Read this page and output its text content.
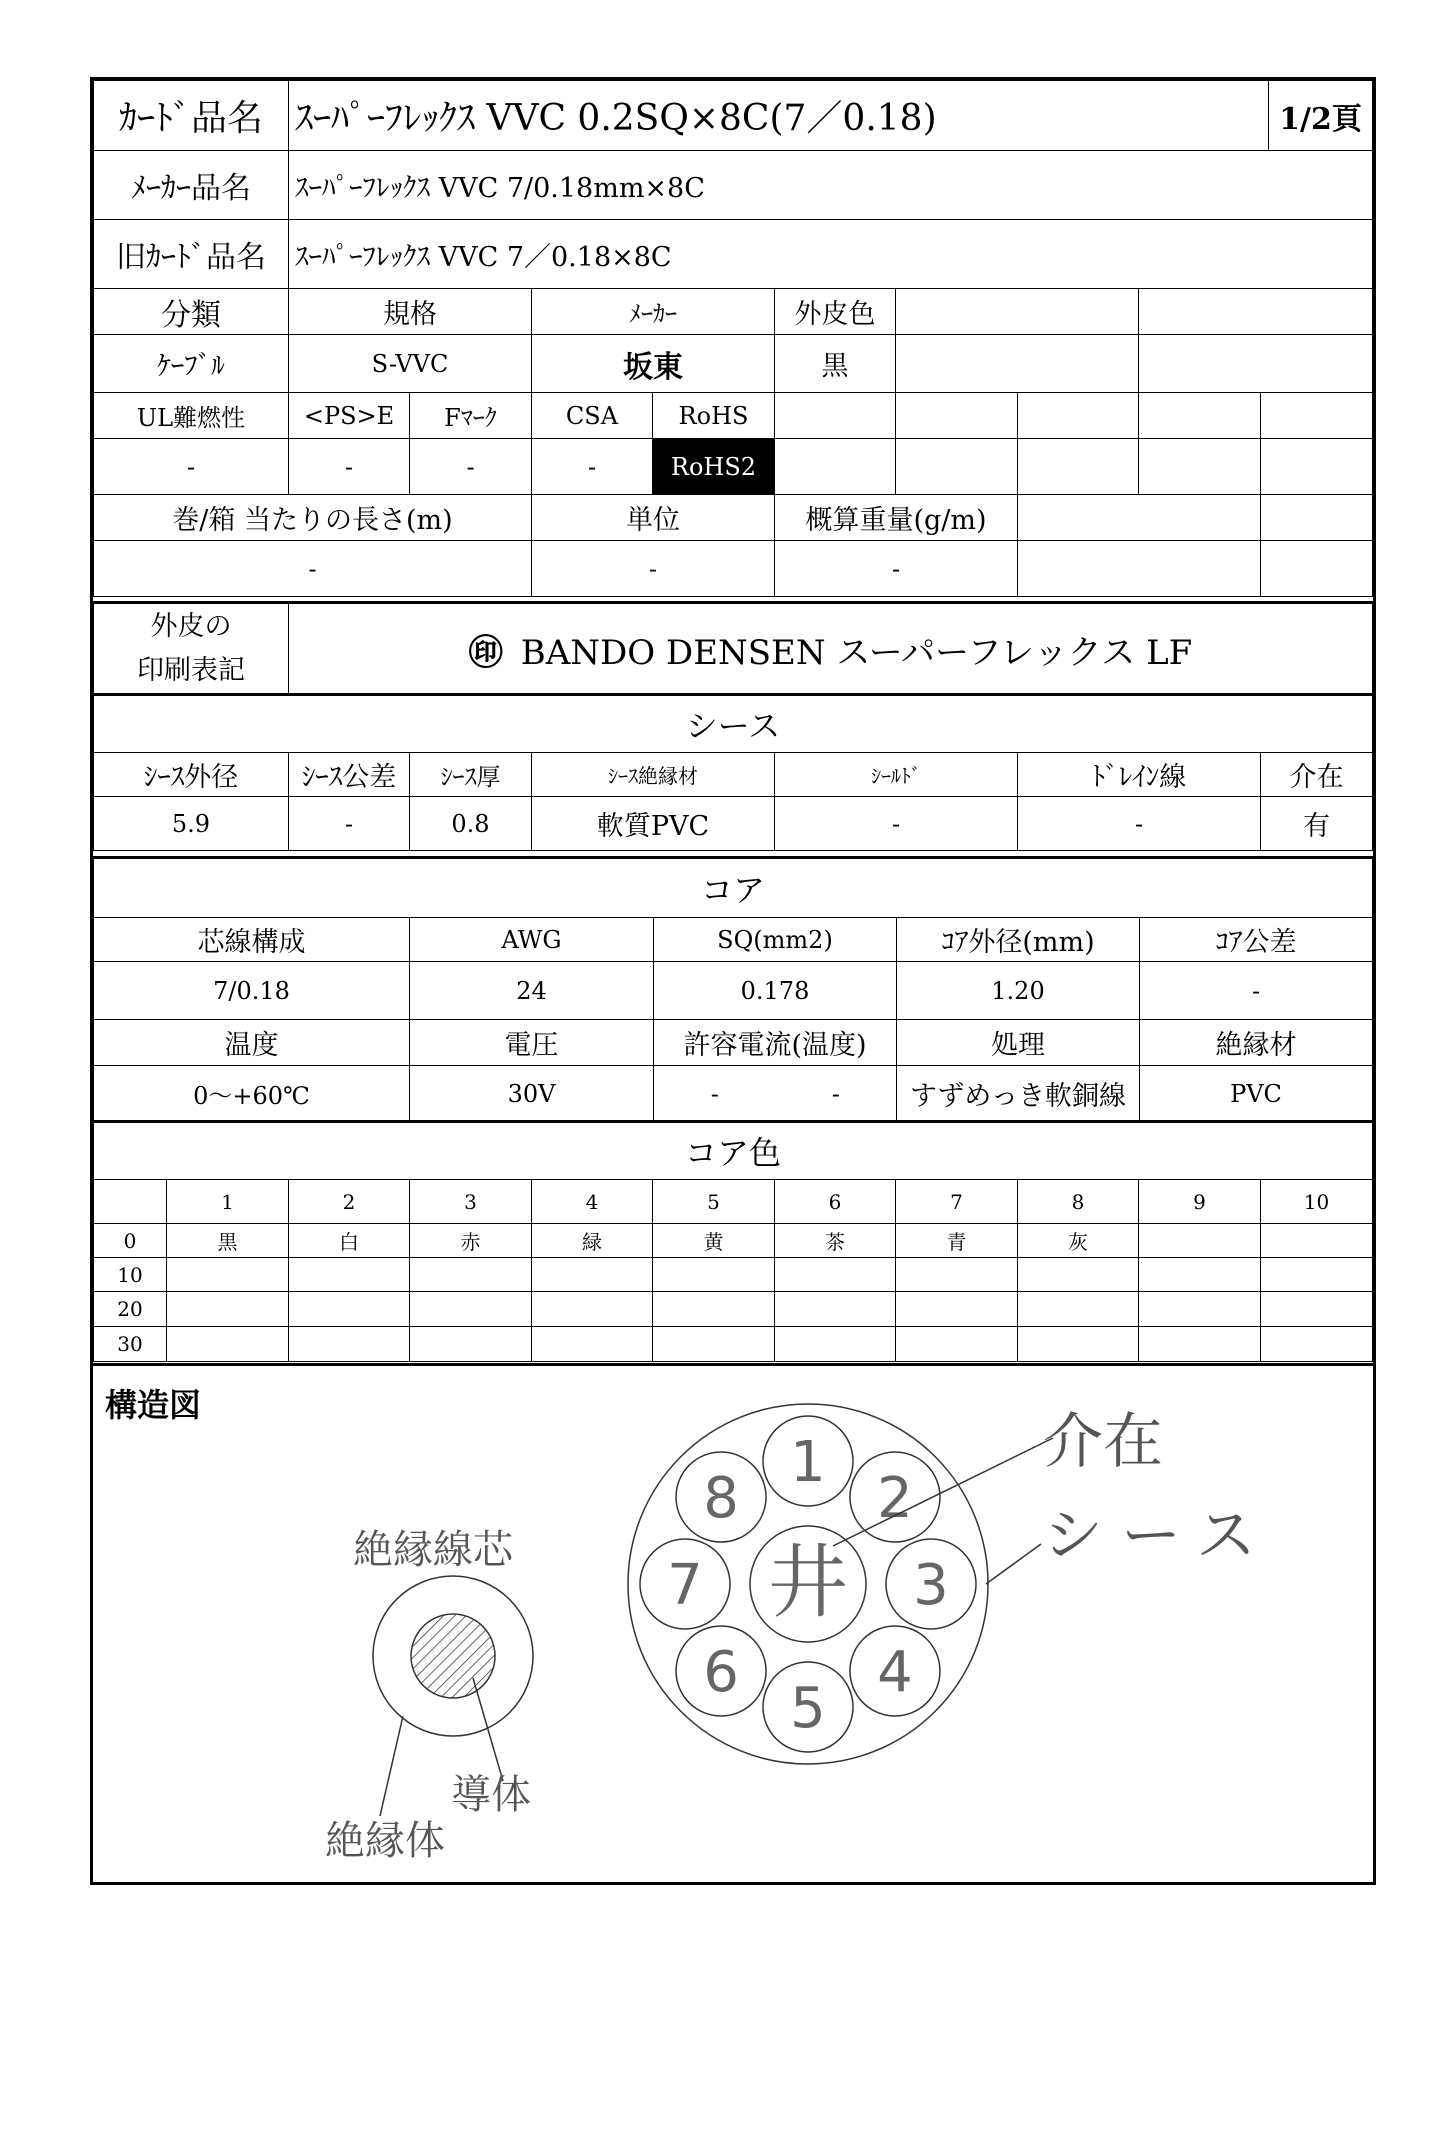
ｶｰﾄﾞ品名	ｽｰﾊﾟｰﾌﾚｯｸｽ VVC 0.2SQ×8C(7／0.18)	1/2頁
ﾒｰｶｰ品名	ｽｰﾊﾟｰﾌﾚｯｸｽ VVC 7/0.18mm×8C	
旧ｶｰﾄﾞ品名	ｽｰﾊﾟｰﾌﾚｯｸｽ VVC 7／0.18×8C	
分類	規格		ﾒｰｶｰ		外皮色				
ｹｰﾌﾞﾙ	S-VVC		坂東		黒				
UL難燃性	<PS>E	Fﾏｰｸ	CSA	RoHS					
-	-	-	-	RoHS2					
巻/箱 当たりの長さ(m)			単位		概算重量(g/m)				
-			-		-				
外皮の
印刷表記	㊞ BANDO DENSEN スーパーフレックス LF
シース						
ｼｰｽ外径	ｼｰｽ公差	ｼｰｽ厚	ｼｰｽ絶縁材	ｼｰﾙﾄﾞ	ﾄﾞﾚｲﾝ線	介在
5.9	-	0.8	軟質PVC	-	-	有
コア					
芯線構成	AWG	SQ(mm2)		ｺｱ外径(mm)	ｺｱ公差
7/0.18	24	0.178		1.20	-
温度	電圧	許容電流(温度)		処理	絶縁材
0～+60℃	30V	-	-	すずめっき軟銅線	PVC
コア色										
	1	2	3	4	5	6	7	8	9	10
0	黒	白	赤	緑	黄	茶	青	灰		
10										
20										
30										
構造図
絶縁線芯
導体
絶縁体
井
1
2
3
4
5
6
7
8
介在
シース
